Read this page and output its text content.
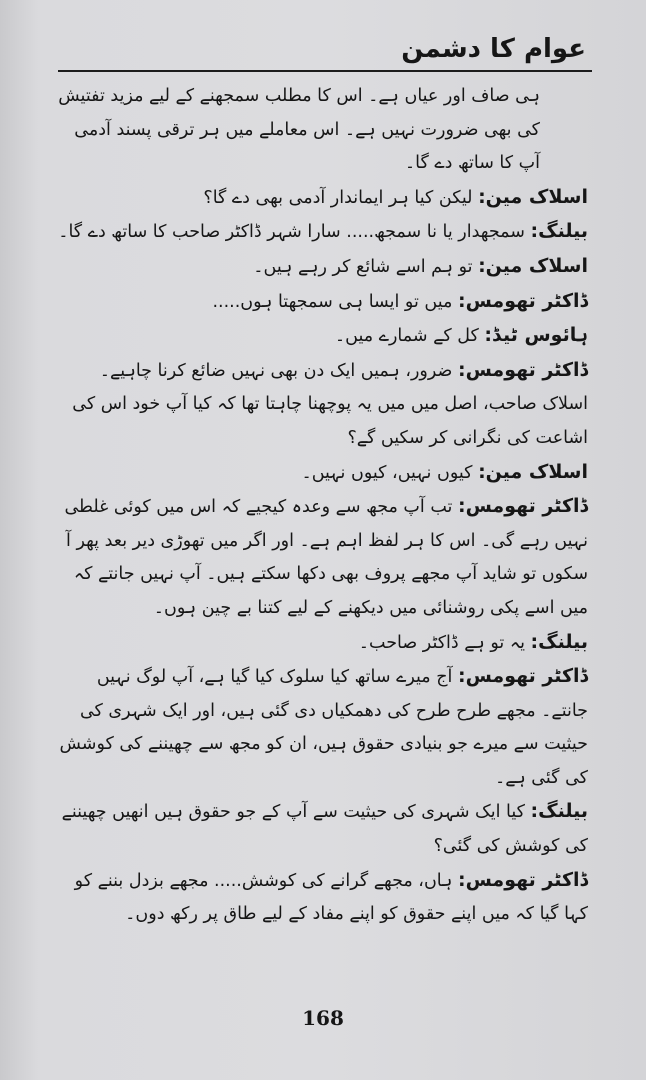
عوام کا دشمن

ہی صاف اور عیاں ہے۔ اس کا مطلب سمجھنے کے لیے مزید تفتیش کی بھی ضرورت نہیں ہے۔ اس معاملے میں ہر ترقی پسند آدمی آپ کا ساتھ دے گا۔

اسلاک مین: لیکن کیا ہر ایماندار آدمی بھی دے گا؟

بیلنگ: سمجھدار یا نا سمجھ..... سارا شہر ڈاکٹر صاحب کا ساتھ دے گا۔

اسلاک مین: تو ہم اسے شائع کر رہے ہیں۔

ڈاکٹر تھومس: میں تو ایسا ہی سمجھتا ہوں.....

ہائوس ٹیڈ: کل کے شمارے میں۔

ڈاکٹر تھومس: ضرور، ہمیں ایک دن بھی نہیں ضائع کرنا چاہیے۔ اسلاک صاحب، اصل میں میں یہ پوچھنا چاہتا تھا کہ کیا آپ خود اس کی اشاعت کی نگرانی کر سکیں گے؟

اسلاک مین: کیوں نہیں، کیوں نہیں۔

ڈاکٹر تھومس: تب آپ مجھ سے وعدہ کیجیے کہ اس میں کوئی غلطی نہیں رہے گی۔ اس کا ہر لفظ اہم ہے۔ اور اگر میں تھوڑی دیر بعد پھر آ سکوں تو شاید آپ مجھے پروف بھی دکھا سکتے ہیں۔ آپ نہیں جانتے کہ میں اسے پکی روشنائی میں دیکھنے کے لیے کتنا بے چین ہوں۔

بیلنگ: یہ تو ہے ڈاکٹر صاحب۔

ڈاکٹر تھومس: آج میرے ساتھ کیا سلوک کیا گیا ہے، آپ لوگ نہیں جانتے۔ مجھے طرح طرح کی دھمکیاں دی گئی ہیں، اور ایک شہری کی حیثیت سے میرے جو بنیادی حقوق ہیں، ان کو مجھ سے چھیننے کی کوشش کی گئی ہے۔

بیلنگ: کیا ایک شہری کی حیثیت سے آپ کے جو حقوق ہیں انھیں چھیننے کی کوشش کی گئی؟

ڈاکٹر تھومس: ہاں، مجھے گرانے کی کوشش..... مجھے بزدل بننے کو کہا گیا کہ میں اپنے حقوق کو اپنے مفاد کے لیے طاق پر رکھ دوں۔

168
